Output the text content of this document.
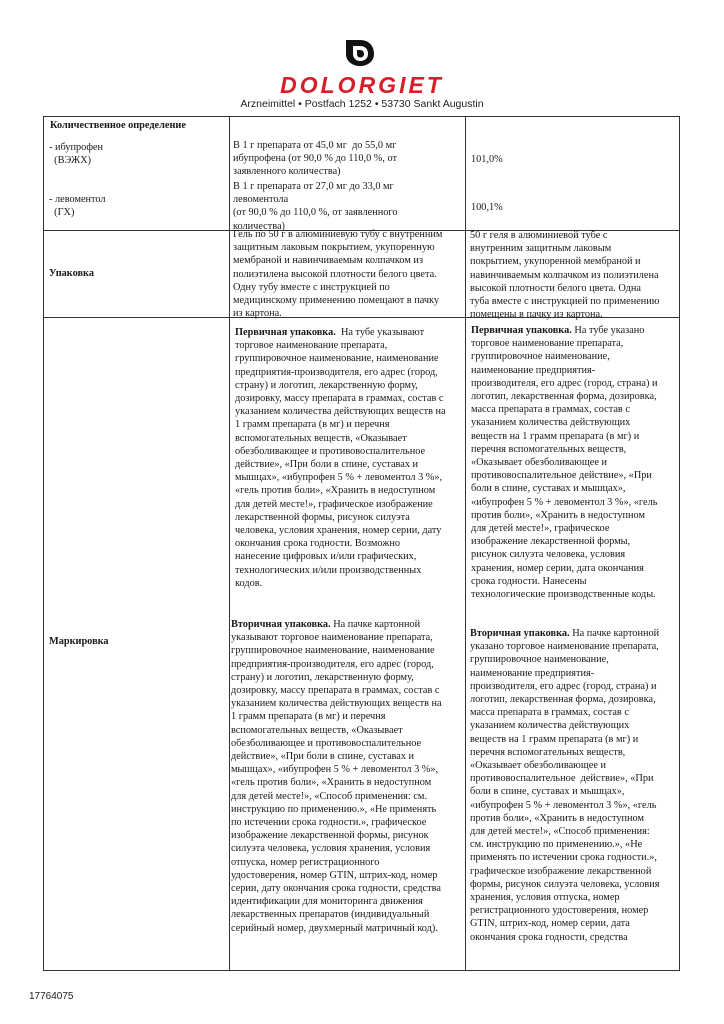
DOLORGIET
Arzneimittel • Postfach 1252 • 53730 Sankt Augustin
Количественное определение
- ибупрофен
(ВЭЖХ)
В 1 г препарата от 45,0 мг  до 55,0 мг
ибупрофена (от 90,0 % до 110,0 %, от
заявленного количества)
101,0%
- левоментол
(ГХ)
В 1 г препарата от 27,0 мг до 33,0 мг
левоментола
(от 90,0 % до 110,0 %, от заявленного
количества)
100,1%
Упаковка
Гель по 50 г в алюминиевую тубу с внутренним
защитным лаковым покрытием, укупоренную
мембраной и навинчиваемым колпачком из
полиэтилена высокой плотности белого цвета.
Одну тубу вместе с инструкцией по
медицинскому применению помещают в пачку
из картона.
50 г геля в алюминиевой тубе с
внутренним защитным лаковым
покрытием, укупоренной мембраной и
навинчиваемым колпачком из полиэтилена
высокой плотности белого цвета. Одна
туба вместе с инструкцией по применению
помещены в пачку из картона.
Маркировка
Первичная упаковка.  На тубе указывают
торговое наименование препарата,
группировочное наименование, наименование
предприятия-производителя, его адрес (город,
страну) и логотип, лекарственную форму,
дозировку, массу препарата в граммах, состав с
указанием количества действующих веществ на
1 грамм препарата (в мг) и перечня
вспомогательных веществ, «Оказывает
обезболивающее и противовоспалительное
действие», «При боли в спине, суставах и
мышцах», «ибупрофен 5 % + левоментол 3 %»,
«гель против боли», «Хранить в недоступном
для детей месте!», графическое изображение
лекарственной формы, рисунок силуэта
человека, условия хранения, номер серии, дату
окончания срока годности. Возможно
нанесение цифровых и/или графических,
технологических и/или производственных
кодов.
Первичная упаковка. На тубе указано
торговое наименование препарата,
группировочное наименование,
наименование предприятия-
производителя, его адрес (город, страна) и
логотип, лекарственная форма, дозировка,
масса препарата в граммах, состав с
указанием количества действующих
веществ на 1 грамм препарата (в мг) и
перечня вспомогательных веществ,
«Оказывает обезболивающее и
противовоспалительное действие», «При
боли в спине, суставах и мышцах»,
«ибупрофен 5 % + левоментол 3 %», «гель
против боли», «Хранить в недоступном
для детей месте!», графическое
изображение лекарственной формы,
рисунок силуэта человека, условия
хранения, номер серии, дата окончания
срока годности. Нанесены
технологические производственные коды.
Вторичная упаковка. На пачке картонной
указывают торговое наименование препарата,
группировочное наименование, наименование
предприятия-производителя, его адрес (город,
страну) и логотип, лекарственную форму,
дозировку, массу препарата в граммах, состав с
указанием количества действующих веществ на
1 грамм препарата (в мг) и перечня
вспомогательных веществ, «Оказывает
обезболивающее и противовоспалительное
действие», «При боли в спине, суставах и
мышцах», «ибупрофен 5 % + левоментол 3 %»,
«гель против боли», «Хранить в недоступном
для детей месте!», «Способ применения: см.
инструкцию по применению.», «Не применять
по истечении срока годности.», графическое
изображение лекарственной формы, рисунок
силуэта человека, условия хранения, условия
отпуска, номер регистрационного
удостоверения, номер GTIN, штрих-код, номер
серии, дату окончания срока годности, средства
идентификации для мониторинга движения
лекарственных препаратов (индивидуальный
серийный номер, двухмерный матричный код).
Вторичная упаковка. На пачке картонной
указано торговое наименование препарата,
группировочное наименование,
наименование предприятия-
производителя, его адрес (город, страна) и
логотип, лекарственная форма, дозировка,
масса препарата в граммах, состав с
указанием количества действующих
веществ на 1 грамм препарата (в мг) и
перечня вспомогательных веществ,
«Оказывает обезболивающее и
противовоспалительное  действие», «При
боли в спине, суставах и мышцах»,
«ибупрофен 5 % + левоментол 3 %», «гель
против боли», «Хранить в недоступном
для детей месте!», «Способ применения:
см. инструкцию по применению.», «Не
применять по истечении срока годности.»,
графическое изображение лекарственной
формы, рисунок силуэта человека, условия
хранения, условия отпуска, номер
регистрационного удостоверения, номер
GTIN, штрих-код, номер серии, дата
окончания срока годности, средства
17764075
